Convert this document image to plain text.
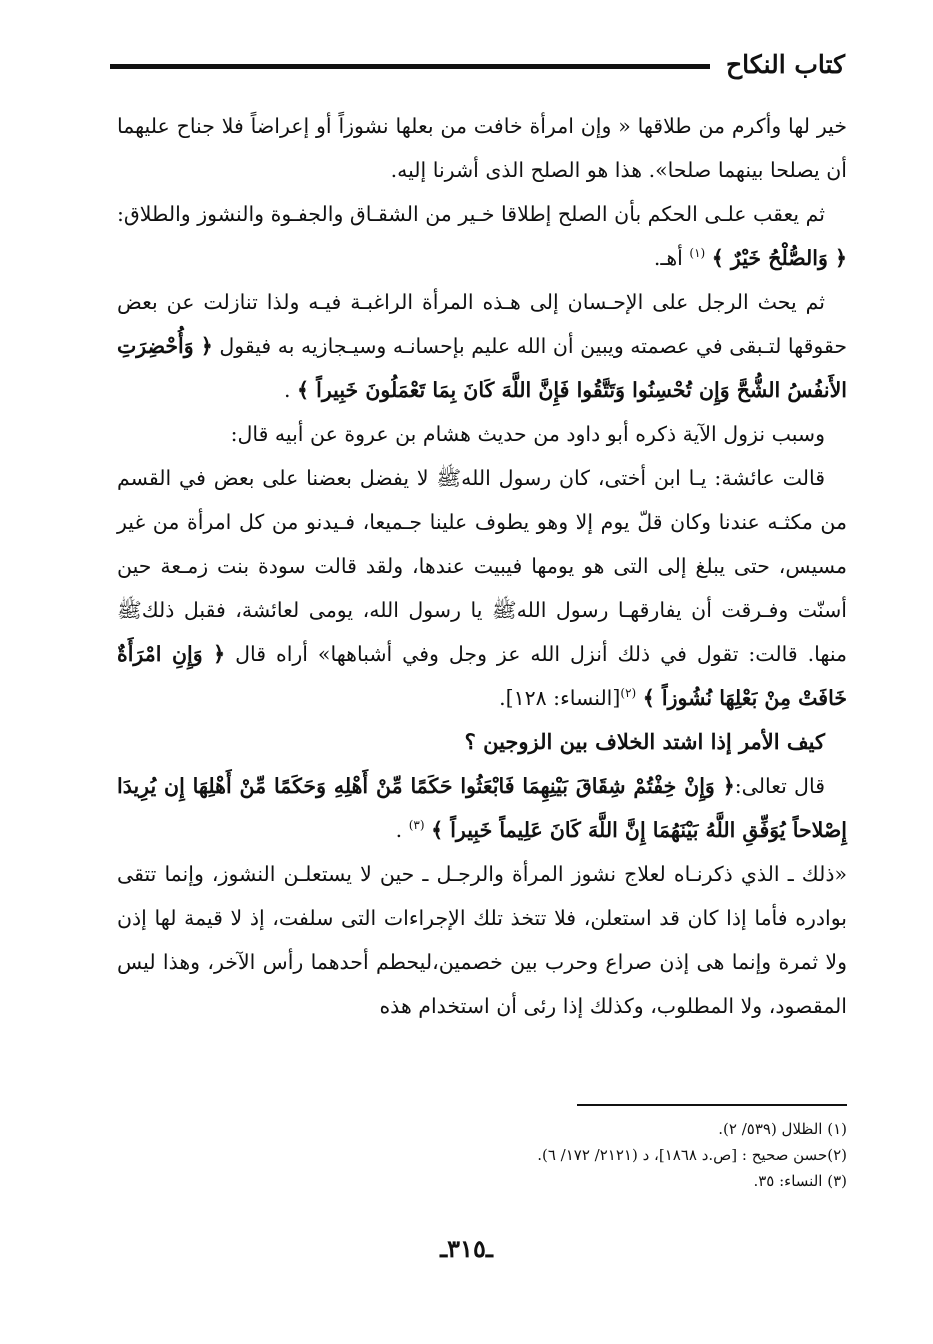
كتاب النكاح

خير لها وأكرم من طلاقها « وإن امرأة خافت من بعلها نشوزاً أو إعراضاً فلا جناح عليهما أن يصلحا بينهما صلحا». هذا هو الصلح الذى أشرنا إليه.

ثم يعقب علـى الحكم بأن الصلح إطلاقا خـير من الشقـاق والجفـوة والنشوز والطلاق: ﴿ وَالصُّلْحُ خَيْرٌ ﴾ $^{(١)}$ أهـ.

ثم يحث الرجل على الإحـسان إلى هـذه المرأة الراغبـة فيـه ولذا تنازلت عن بعض حقوقها لتـبقى في عصمته ويبين أن الله عليم بإحسانـه وسيـجازيه به فيقول ﴿ وَأُحْضِرَتِ الأَنفُسُ الشُّحَّ وَإِن تُحْسِنُوا وَتَتَّقُوا فَإِنَّ اللَّهَ كَانَ بِمَا تَعْمَلُونَ خَبِيراً ﴾ .

وسبب نزول الآية ذكره أبو داود من حديث هشام بن عروة عن أبيه قال:

قالت عائشة: يـا ابن أختى، كان رسول اللهﷺ لا يفضل بعضنا على بعض في القسم من مكثـه عندنا وكان قلّ يوم إلا وهو يطوف علينا جـميعا، فـيدنو من كل امرأة من غير مسيس، حتى يبلغ إلى التى هو يومها فيبيت عندها، ولقد قالت سودة بنت زمـعة حين أسنّت وفـرقت أن يفارقهـا رسول اللهﷺ يا رسول الله، يومى لعائشة، فقبل ذلكﷺ منها. قالت: تقول في ذلك أنزل الله عز وجل وفي أشباهها» أراه قال ﴿ وَإِنِ امْرَأَةٌ خَافَتْ مِنْ بَعْلِهَا نُشُوزاً ﴾ $^{(٢)}$[النساء: ١٢٨].

كيف الأمر إذا اشتد الخلاف بين الزوجين ؟

قال تعالى:﴿ وَإِنْ خِفْتُمْ شِقَاقَ بَيْنِهِمَا فَابْعَثُوا حَكَمًا مِّنْ أَهْلِهِ وَحَكَمًا مِّنْ أَهْلِهَا إِن يُرِيدَا إِصْلاحاً يُوَفِّقِ اللَّهُ بَيْنَهُمَا إِنَّ اللَّهَ كَانَ عَلِيماً خَبِيراً ﴾ $^{(٣)}$ .

«ذلك ـ الذي ذكرنـاه لعلاج نشوز المرأة والرجـل ـ حين لا يستعلـن النشوز، وإنما تتقى بوادره فأما إذا كان قد استعلن، فلا تتخذ تلك الإجراءات التى سلفت، إذ لا قيمة لها إذن ولا ثمرة وإنما هى إذن صراع وحرب بين خصمين،ليحطم أحدهما رأس الآخر، وهذا ليس المقصود، ولا المطلوب، وكذلك إذا رئى أن استخدام هذه

(١) الظلال (٥٣٩/ ٢).
(٢)حسن صحيح : [ص.د ١٨٦٨]، د (٢١٢١/ ١٧٢/ ٦).
(٣) النساء: ٣٥.
ـ٣١٥ـ
